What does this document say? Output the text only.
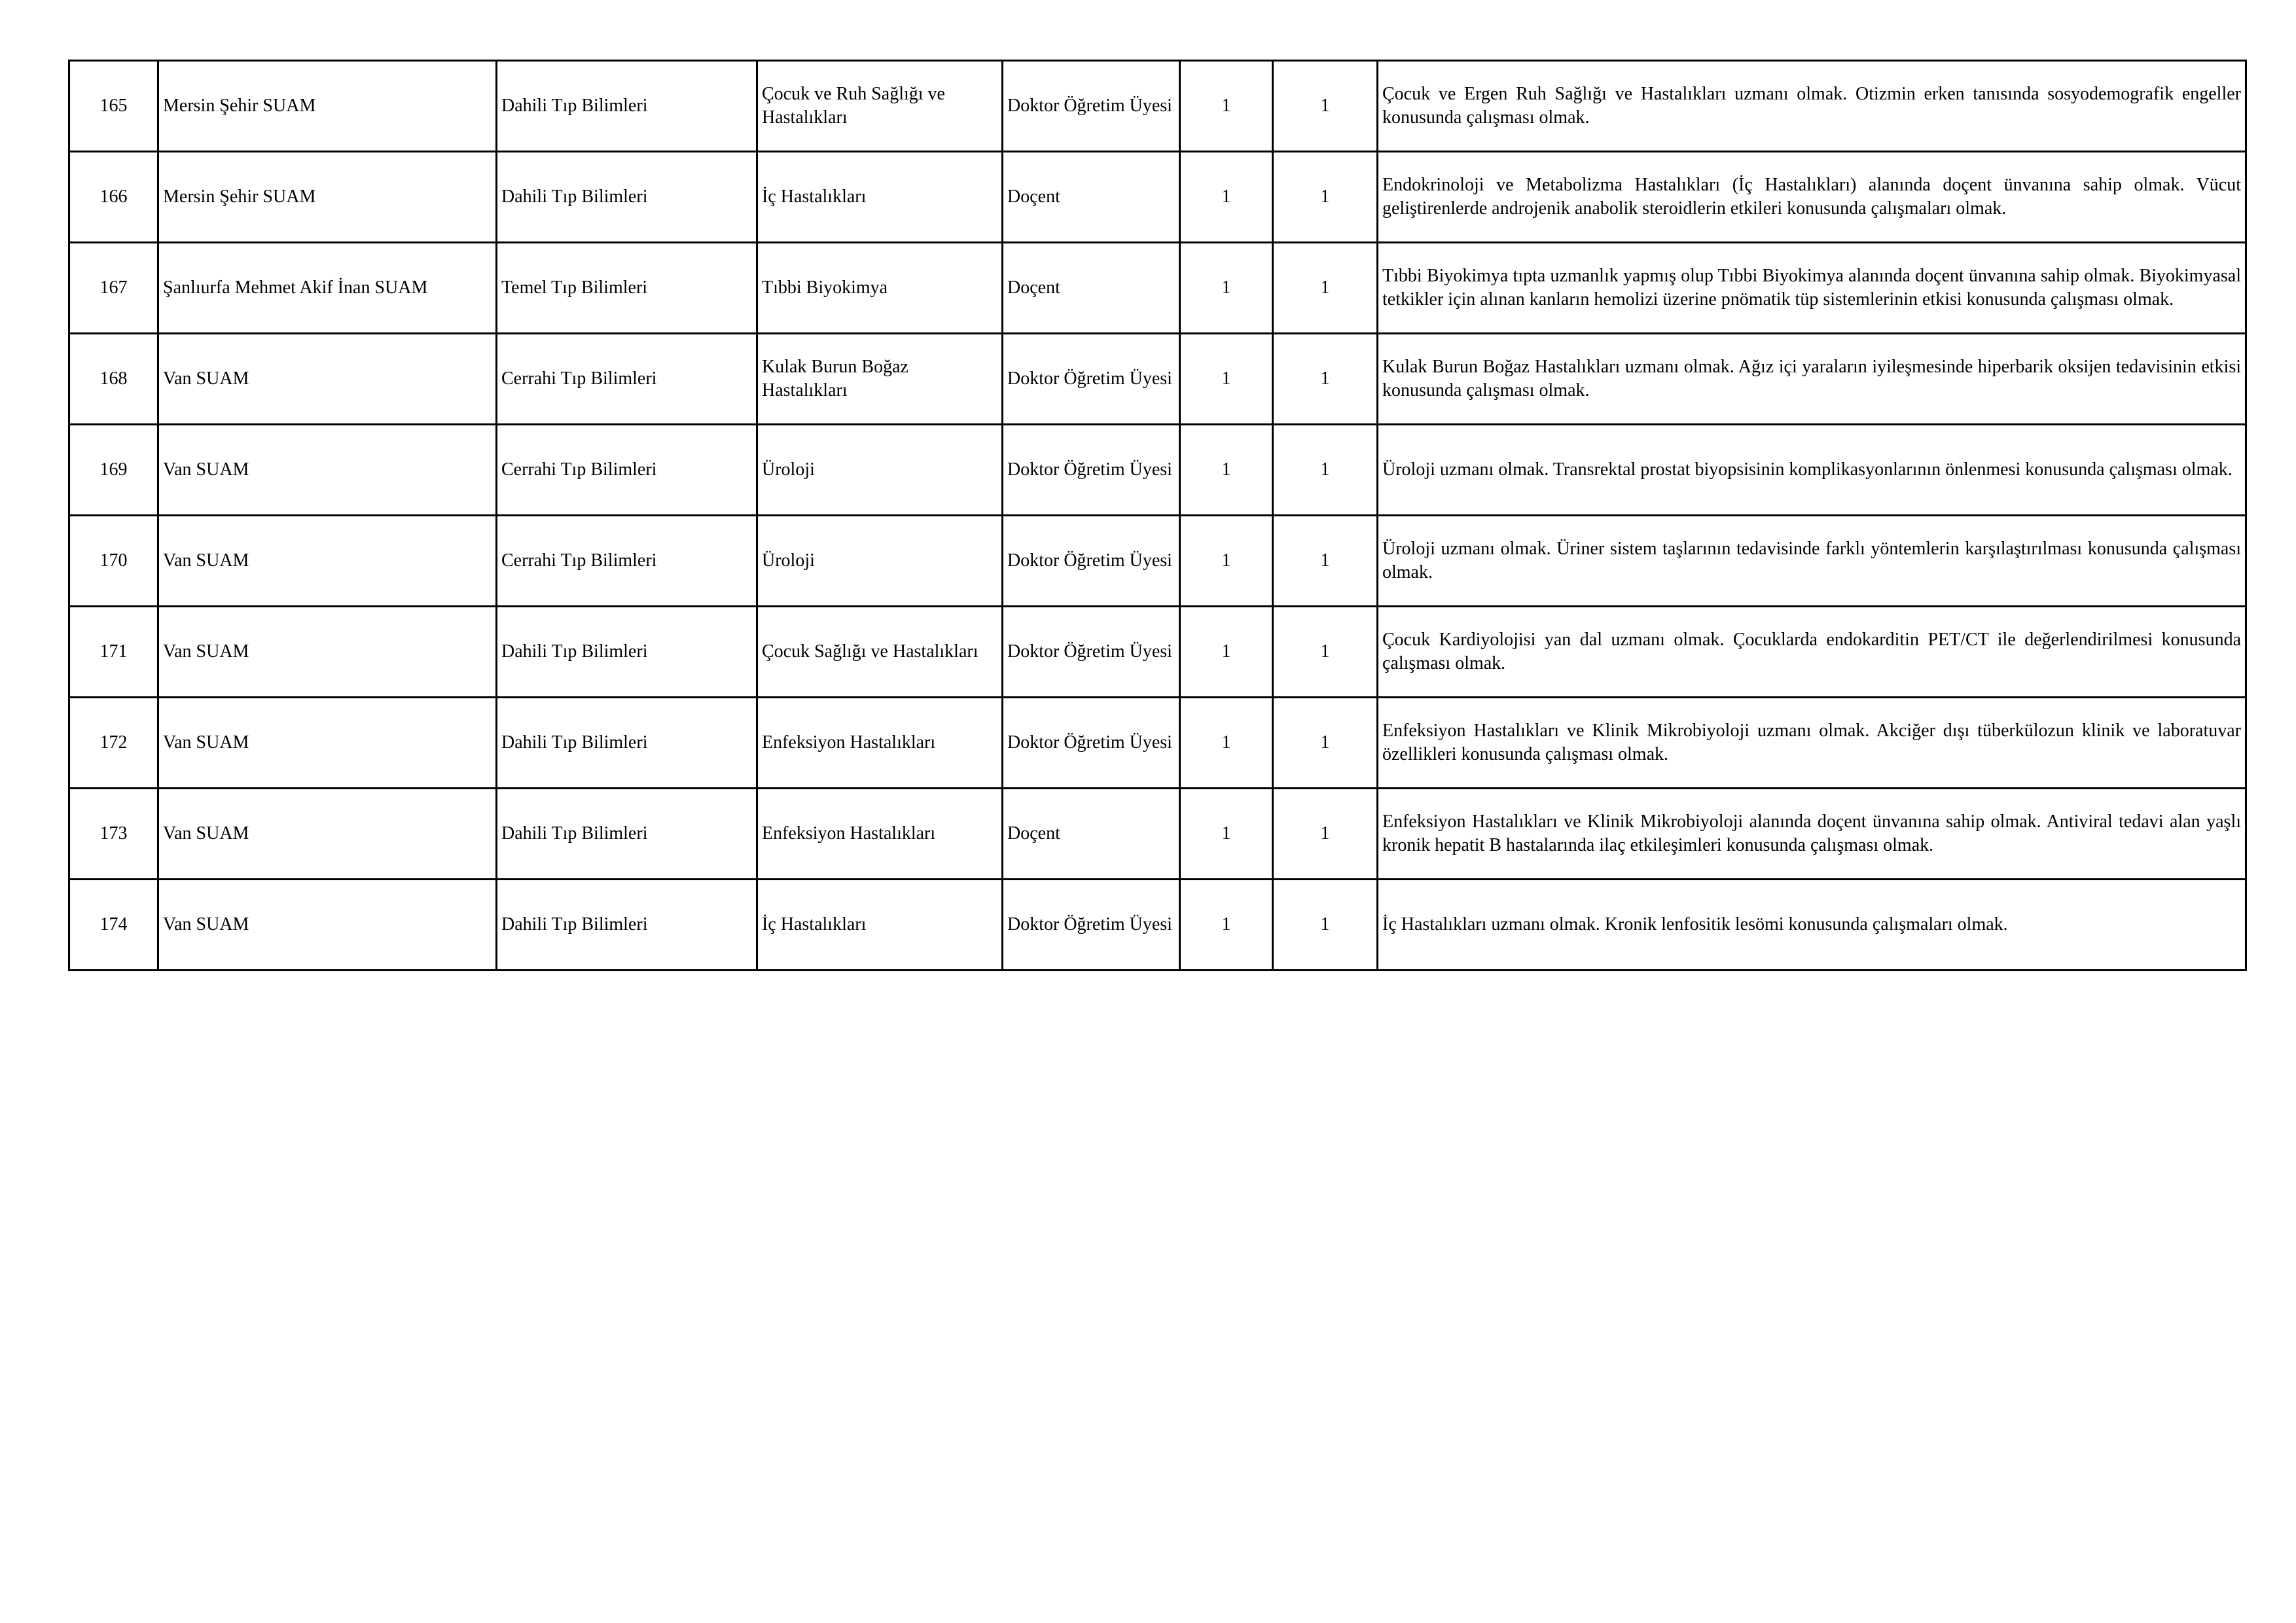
165	Mersin Şehir SUAM	Dahili Tıp Bilimleri	Çocuk ve Ruh Sağlığı ve Hastalıkları	Doktor Öğretim Üyesi	1	1	Çocuk ve Ergen Ruh Sağlığı ve Hastalıkları uzmanı olmak. Otizmin erken tanısında sosyodemografik engeller konusunda çalışması olmak.
166	Mersin Şehir SUAM	Dahili Tıp Bilimleri	İç Hastalıkları	Doçent	1	1	Endokrinoloji ve Metabolizma Hastalıkları (İç Hastalıkları) alanında doçent ünvanına sahip olmak. Vücut geliştirenlerde androjenik anabolik steroidlerin etkileri konusunda çalışmaları olmak.
167	Şanlıurfa Mehmet Akif İnan SUAM	Temel Tıp Bilimleri	Tıbbi Biyokimya	Doçent	1	1	Tıbbi Biyokimya tıpta uzmanlık yapmış olup Tıbbi Biyokimya alanında doçent ünvanına sahip olmak. Biyokimyasal tetkikler için alınan kanların hemolizi üzerine pnömatik tüp sistemlerinin etkisi konusunda çalışması olmak.
168	Van SUAM	Cerrahi Tıp Bilimleri	Kulak Burun Boğaz Hastalıkları	Doktor Öğretim Üyesi	1	1	Kulak Burun Boğaz Hastalıkları uzmanı olmak. Ağız içi yaraların iyileşmesinde hiperbarik oksijen tedavisinin etkisi konusunda çalışması olmak.
169	Van SUAM	Cerrahi Tıp Bilimleri	Üroloji	Doktor Öğretim Üyesi	1	1	Üroloji uzmanı olmak. Transrektal prostat biyopsisinin komplikasyonlarının önlenmesi konusunda çalışması olmak.
170	Van SUAM	Cerrahi Tıp Bilimleri	Üroloji	Doktor Öğretim Üyesi	1	1	Üroloji uzmanı olmak. Üriner sistem taşlarının tedavisinde farklı yöntemlerin karşılaştırılması konusunda çalışması olmak.
171	Van SUAM	Dahili Tıp Bilimleri	Çocuk Sağlığı ve Hastalıkları	Doktor Öğretim Üyesi	1	1	Çocuk Kardiyolojisi yan dal uzmanı olmak. Çocuklarda endokarditin PET/CT ile değerlendirilmesi konusunda çalışması olmak.
172	Van SUAM	Dahili Tıp Bilimleri	Enfeksiyon Hastalıkları	Doktor Öğretim Üyesi	1	1	Enfeksiyon Hastalıkları ve Klinik Mikrobiyoloji uzmanı olmak. Akciğer dışı tüberkülozun klinik ve laboratuvar özellikleri konusunda çalışması olmak.
173	Van SUAM	Dahili Tıp Bilimleri	Enfeksiyon Hastalıkları	Doçent	1	1	Enfeksiyon Hastalıkları ve Klinik Mikrobiyoloji alanında doçent ünvanına sahip olmak. Antiviral tedavi alan yaşlı kronik hepatit B hastalarında ilaç etkileşimleri konusunda çalışması olmak.
174	Van SUAM	Dahili Tıp Bilimleri	İç Hastalıkları	Doktor Öğretim Üyesi	1	1	İç Hastalıkları uzmanı olmak. Kronik lenfositik lesömi konusunda çalışmaları olmak.
